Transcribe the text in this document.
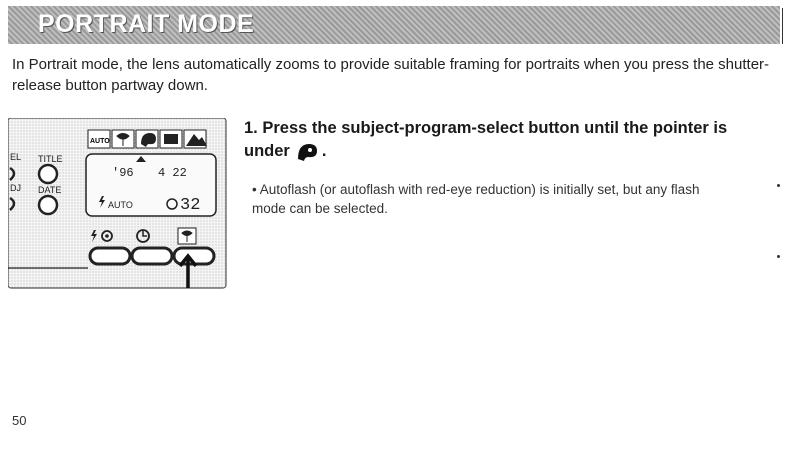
PORTRAIT MODE

In Portrait mode, the lens automatically zooms to provide suitable framing for portraits when you press the shutter-release button partway down.

EL
DJ
TITLE
DATE
AUTO
'96 4 22
AUTO	32
1. Press the subject-program-select button until the pointer is under .

• Autoflash (or autoflash with red-eye reduction) is initially set, but any flash mode can be selected.

50
